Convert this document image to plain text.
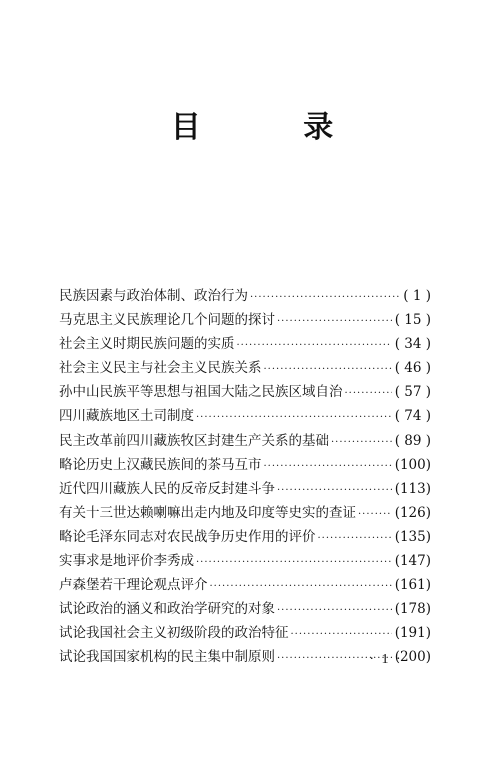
目 录
民族因素与政治体制、政治行为 ·····	( 1 )
马克思主义民族理论几个问题的探讨 ·····	( 15 )
社会主义时期民族问题的实质 ·····	( 34 )
社会主义民主与社会主义民族关系 ·····	( 46 )
孙中山民族平等思想与祖国大陆之民族区域自治 ·····	( 57 )
四川藏族地区土司制度 ·····	( 74 )
民主改革前四川藏族牧区封建生产关系的基础 ·····	( 89 )
略论历史上汉藏民族间的茶马互市 ·····	(100)
近代四川藏族人民的反帝反封建斗争 ·····	(113)
有关十三世达赖喇嘛出走内地及印度等史实的查证 ·····	(126)
略论毛泽东同志对农民战争历史作用的评价 ·····	(135)
实事求是地评价李秀成 ·····	(147)
卢森堡若干理论观点评介 ·····	(161)
试论政治的涵义和政治学研究的对象 ·····	(178)
试论我国社会主义初级阶段的政治特征 ·····	(191)
试论我国国家机构的民主集中制原则 ·····	(200)
· 1 ·
